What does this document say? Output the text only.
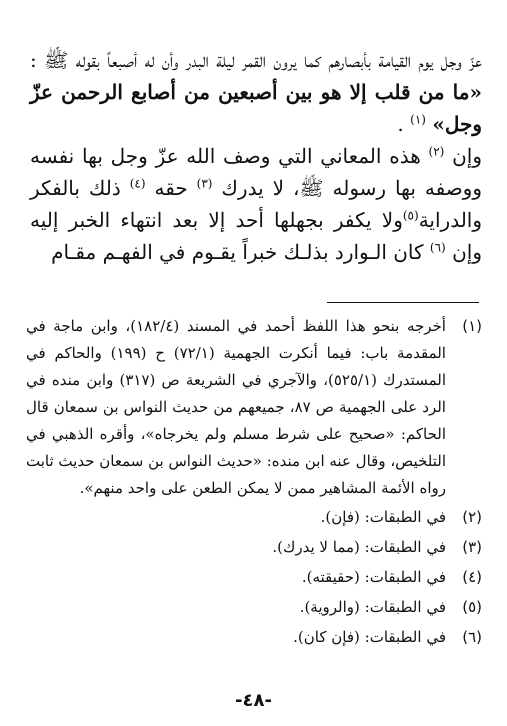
عزّ وجل يوم القيامة بأبصارهم كما يرون القمر ليلة البدر وأن له أصبعاً بقوله ﷺ : «ما من قلب إلا هو بين أصبعين من أصابع الرحمن عزّ وجل» $^{(١)}$ .

وإن $^{(٢)}$ هذه المعاني التي وصف الله عزّ وجل بها نفسه ووصفه بها رسوله ﷺ، لا يدرك $^{(٣)}$ حقه $^{(٤)}$ ذلك بالفكر والدراية$^{(٥)}$ولا يكفر بجهلها أحد إلا بعد انتهاء الخبر إليه وإن $^{(٦)}$ كان الـوارد بذلـك خبراً يقـوم في الفهـم مقـام

(١)
أخرجه بنحو هذا اللفظ أحمد في المسند (١٨٢/٤)، وابن ماجة في المقدمة باب: فيما أنكرت الجهمية (٧٢/١) ح (١٩٩) والحاكم في المستدرك (٥٢٥/١)، والآجري في الشريعة ص (٣١٧) وابن منده في الرد على الجهمية ص ٨٧، جميعهم من حديث النواس بن سمعان قال الحاكم: «صحيح على شرط مسلم ولم يخرجاه»، وأقره الذهبي في التلخيص، وقال عنه ابن منده: «حديث النواس بن سمعان حديث ثابت رواه الأئمة المشاهير ممن لا يمكن الطعن على واحد منهم».
(٢)
في الطبقات: (فإن).
(٣)
في الطبقات: (مما لا يدرك).
(٤)
في الطبقات: (حقيقته).
(٥)
في الطبقات: (والروية).
(٦)
في الطبقات: (فإن كان).
-٤٨-
